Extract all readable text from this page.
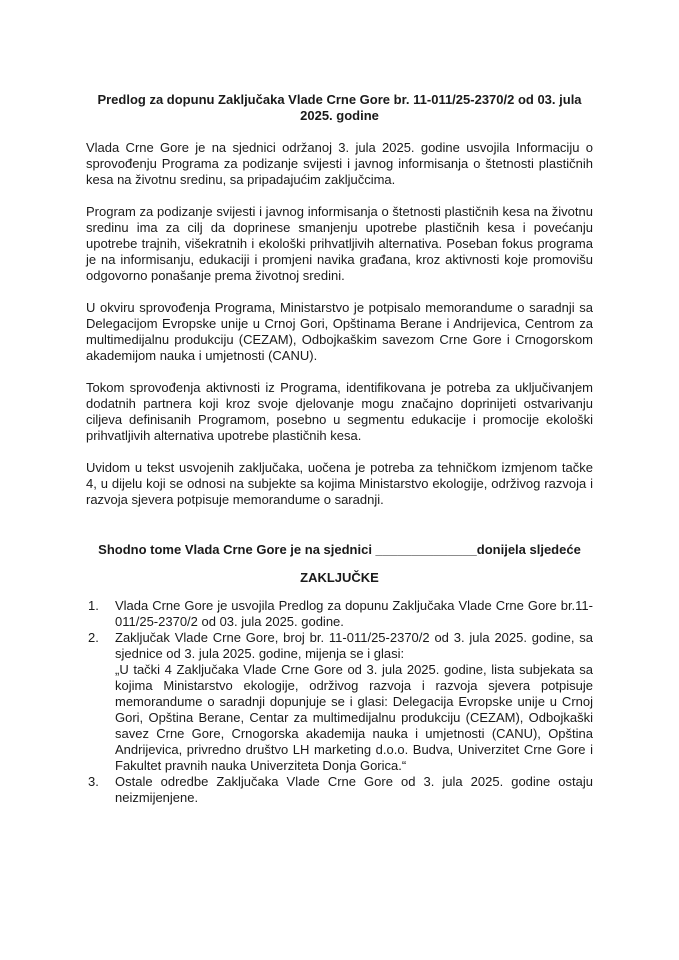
Predlog za dopunu Zaključaka Vlade Crne Gore br. 11-011/25-2370/2 od 03. jula 2025. godine

Vlada Crne Gore je na sjednici održanoj 3. jula 2025. godine usvojila Informaciju o sprovođenju Programa za podizanje svijesti i javnog informisanja o štetnosti plastičnih kesa na životnu sredinu, sa pripadajućim zaključcima.

Program za podizanje svijesti i javnog informisanja o štetnosti plastičnih kesa na životnu sredinu ima za cilj da doprinese smanjenju upotrebe plastičnih kesa i povećanju upotrebe trajnih, višekratnih i ekološki prihvatljivih alternativa. Poseban fokus programa je na informisanju, edukaciji i promjeni navika građana, kroz aktivnosti koje promovišu odgovorno ponašanje prema životnoj sredini.

U okviru sprovođenja Programa, Ministarstvo je potpisalo memorandume o saradnji sa Delegacijom Evropske unije u Crnoj Gori, Opštinama Berane i Andrijevica, Centrom za multimedijalnu produkciju (CEZAM), Odbojkaškim savezom Crne Gore i Crnogorskom akademijom nauka i umjetnosti (CANU).

Tokom sprovođenja aktivnosti iz Programa, identifikovana je potreba za uključivanjem dodatnih partnera koji kroz svoje djelovanje mogu značajno doprinijeti ostvarivanju ciljeva definisanih Programom, posebno u segmentu edukacije i promocije ekološki prihvatljivih alternativa upotrebe plastičnih kesa.

Uvidom u tekst usvojenih zaključaka, uočena je potreba za tehničkom izmjenom tačke 4, u dijelu koji se odnosi na subjekte sa kojima Ministarstvo ekologije, održivog razvoja i razvoja sjevera potpisuje memorandume o saradnji.

Shodno tome Vlada Crne Gore je na sjednici ______________donijela sljedeće
ZAKLJUČKE
1.	Vlada Crne Gore je usvojila Predlog za dopunu Zaključaka Vlade Crne Gore br.11-011/25-2370/2 od 03. jula 2025. godine.
2.	Zaključak Vlade Crne Gore, broj br. 11-011/25-2370/2 od 3. jula 2025. godine, sa sjednice od 3. jula 2025. godine, mijenja se i glasi:
„U tački 4 Zaključaka Vlade Crne Gore od 3. jula 2025. godine, lista subjekata sa kojima Ministarstvo ekologije, održivog razvoja i razvoja sjevera potpisuje memorandume o saradnji dopunjuje se i glasi: Delegacija Evropske unije u Crnoj Gori, Opština Berane, Centar za multimedijalnu produkciju (CEZAM), Odbojkaški savez Crne Gore, Crnogorska akademija nauka i umjetnosti (CANU), Opština Andrijevica, privredno društvo LH marketing d.o.o. Budva, Univerzitet Crne Gore i Fakultet pravnih nauka Univerziteta Donja Gorica.“
3.	Ostale odredbe Zaključaka Vlade Crne Gore od 3. jula 2025. godine ostaju neizmijenjene.
